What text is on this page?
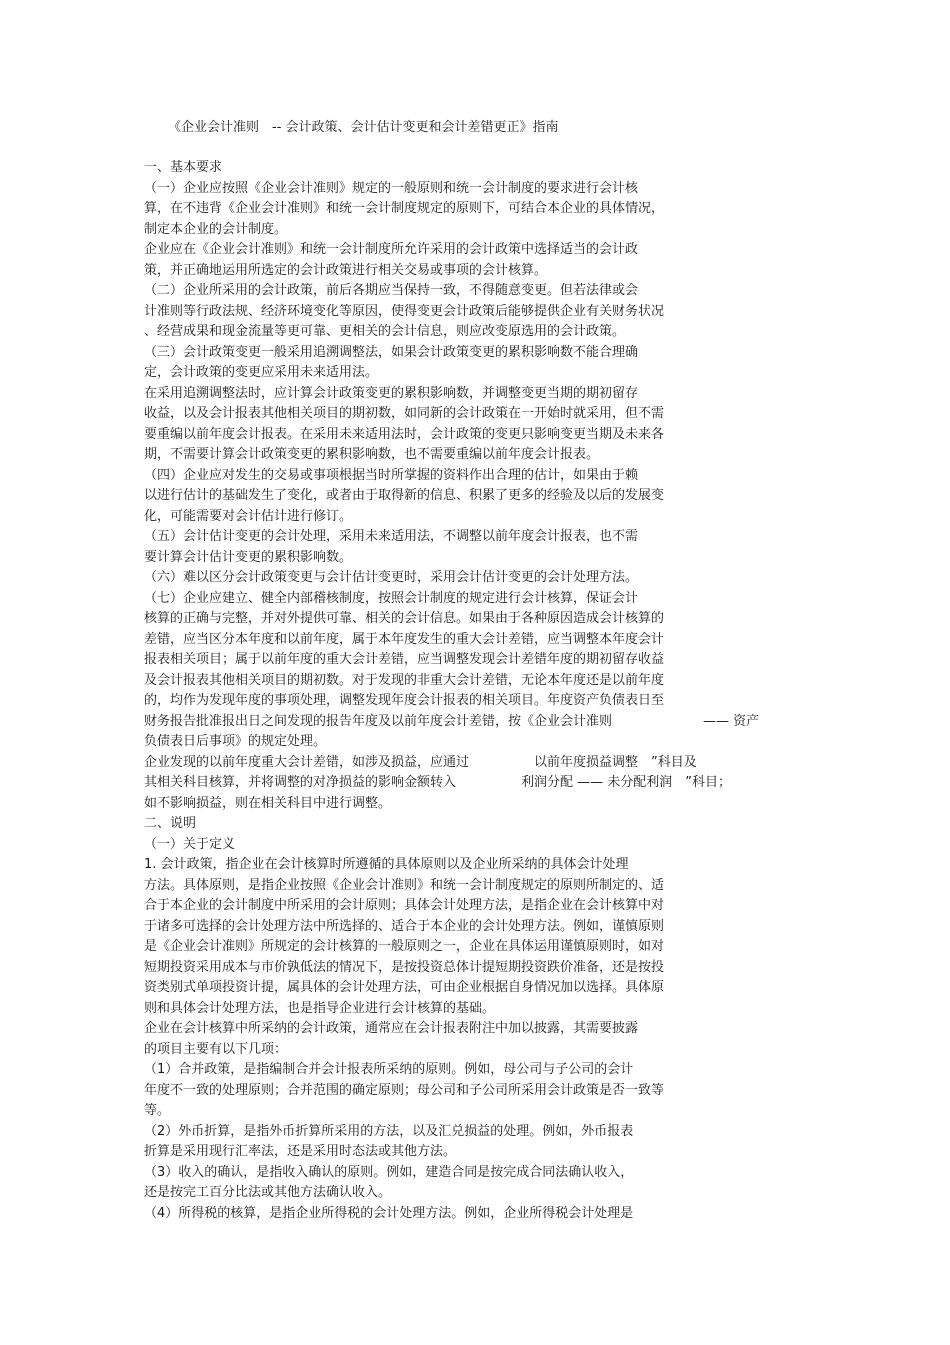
《企业会计准则　-- 会计政策、会计估计变更和会计差错更正》指南
一、基本要求
（一）企业应按照《企业会计准则》规定的一般原则和统一会计制度的要求进行会计核
算，在不违背《企业会计准则》和统一会计制度规定的原则下，可结合本企业的具体情况，
制定本企业的会计制度。
企业应在《企业会计准则》和统一会计制度所允许采用的会计政策中选择适当的会计政
策，并正确地运用所选定的会计政策进行相关交易或事项的会计核算。
（二）企业所采用的会计政策，前后各期应当保持一致，不得随意变更。但若法律或会
计准则等行政法规、经济环境变化等原因，使得变更会计政策后能够提供企业有关财务状况
、经营成果和现金流量等更可靠、更相关的会计信息，则应改变原选用的会计政策。
（三）会计政策变更一般采用追溯调整法，如果会计政策变更的累积影响数不能合理确
定，会计政策的变更应采用未来适用法。
在采用追溯调整法时，应计算会计政策变更的累积影响数，并调整变更当期的期初留存
收益，以及会计报表其他相关项目的期初数，如同新的会计政策在一开始时就采用，但不需
要重编以前年度会计报表。在采用未来适用法时，会计政策的变更只影响变更当期及未来各
期，不需要计算会计政策变更的累积影响数，也不需要重编以前年度会计报表。
（四）企业应对发生的交易或事项根据当时所掌握的资料作出合理的估计，如果由于赖
以进行估计的基础发生了变化，或者由于取得新的信息、积累了更多的经验及以后的发展变
化，可能需要对会计估计进行修订。
（五）会计估计变更的会计处理，采用未来适用法，不调整以前年度会计报表，也不需
要计算会计估计变更的累积影响数。
（六）难以区分会计政策变更与会计估计变更时，采用会计估计变更的会计处理方法。
（七）企业应建立、健全内部稽核制度，按照会计制度的规定进行会计核算，保证会计
核算的正确与完整，并对外提供可靠、相关的会计信息。如果由于各种原因造成会计核算的
差错，应当区分本年度和以前年度，属于本年度发生的重大会计差错，应当调整本年度会计
报表相关项目；属于以前年度的重大会计差错，应当调整发现会计差错年度的期初留存收益
及会计报表其他相关项目的期初数。对于发现的非重大会计差错，无论本年度还是以前年度
的，均作为发现年度的事项处理，调整发现年度会计报表的相关项目。年度资产负债表日至
财务报告批准报出日之间发现的报告年度及以前年度会计差错，按《企业会计准则　　　　　　　—— 资产
负债表日后事项》的规定处理。
企业发现的以前年度重大会计差错，如涉及损益，应通过　　　　　以前年度损益调整　”科目及
其相关科目核算，并将调整的对净损益的影响金额转入　　　　　利润分配 —— 未分配利润　”科目；
如不影响损益，则在相关科目中进行调整。
二、说明
（一）关于定义
1. 会计政策，指企业在会计核算时所遵循的具体原则以及企业所采纳的具体会计处理
方法。具体原则，是指企业按照《企业会计准则》和统一会计制度规定的原则所制定的、适
合于本企业的会计制度中所采用的会计原则；具体会计处理方法，是指企业在会计核算中对
于诸多可选择的会计处理方法中所选择的、适合于本企业的会计处理方法。例如，谨慎原则
是《企业会计准则》所规定的会计核算的一般原则之一，企业在具体运用谨慎原则时，如对
短期投资采用成本与市价孰低法的情况下，是按投资总体计提短期投资跌价准备，还是按投
资类别式单项投资计提，属具体的会计处理方法，可由企业根据自身情况加以选择。具体原
则和具体会计处理方法，也是指导企业进行会计核算的基础。
企业在会计核算中所采纳的会计政策，通常应在会计报表附注中加以披露，其需要披露
的项目主要有以下几项：
（1）合并政策，是指编制合并会计报表所采纳的原则。例如，母公司与子公司的会计
年度不一致的处理原则；合并范围的确定原则；母公司和子公司所采用会计政策是否一致等
等。
（2）外币折算，是指外币折算所采用的方法，以及汇兑损益的处理。例如，外币报表
折算是采用现行汇率法，还是采用时态法或其他方法。
（3）收入的确认，是指收入确认的原则。例如，建造合同是按完成合同法确认收入，
还是按完工百分比法或其他方法确认收入。
（4）所得税的核算，是指企业所得税的会计处理方法。例如，企业所得税会计处理是
